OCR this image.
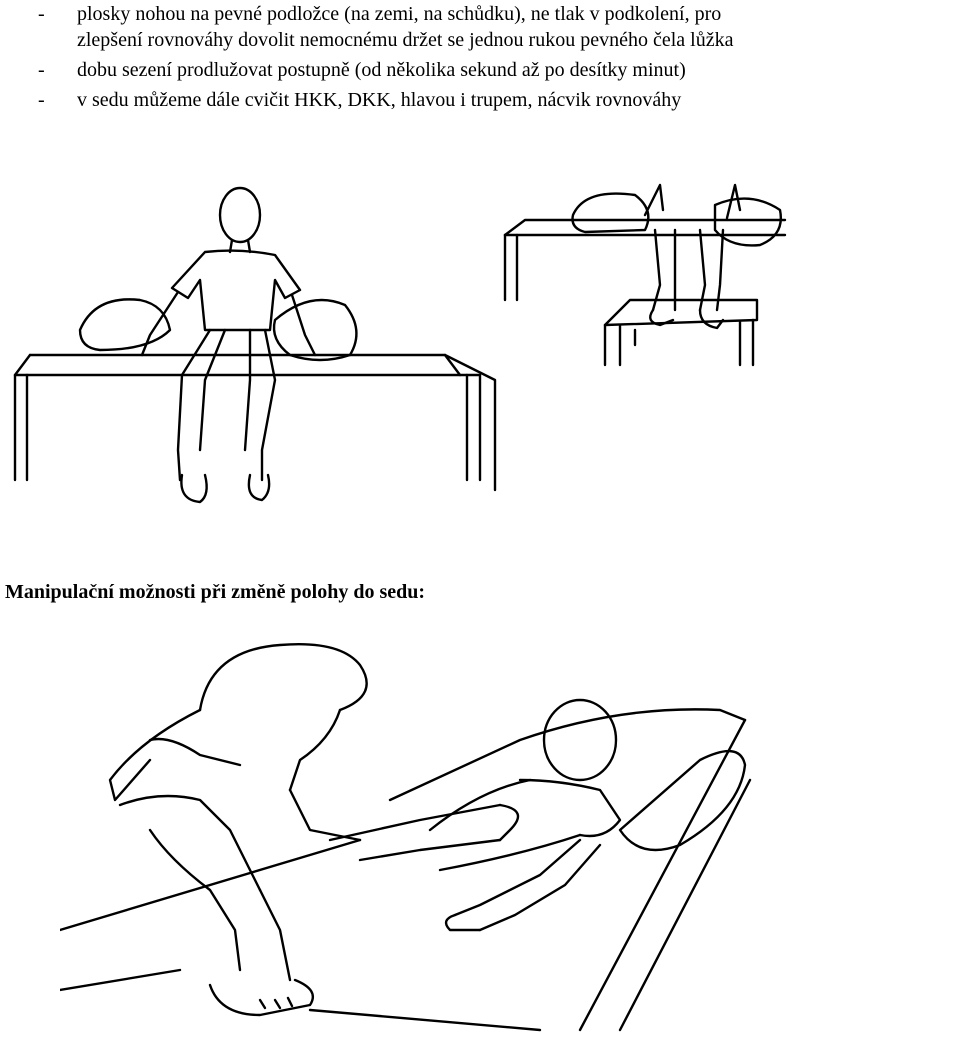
- plosky nohou na pevné podložce (na zemi, na schůdku), ne tlak v podkolení, pro
zlepšení rovnováhy dovolit nemocnému držet se jednou rukou pevného čela lůžka
- dobu sezení prodlužovat postupně (od několika sekund až po desítky minut)
- v sedu můžeme dále cvičit HKK, DKK, hlavou i trupem, nácvik rovnováhy
Manipulační možnosti při změně polohy do sedu:
